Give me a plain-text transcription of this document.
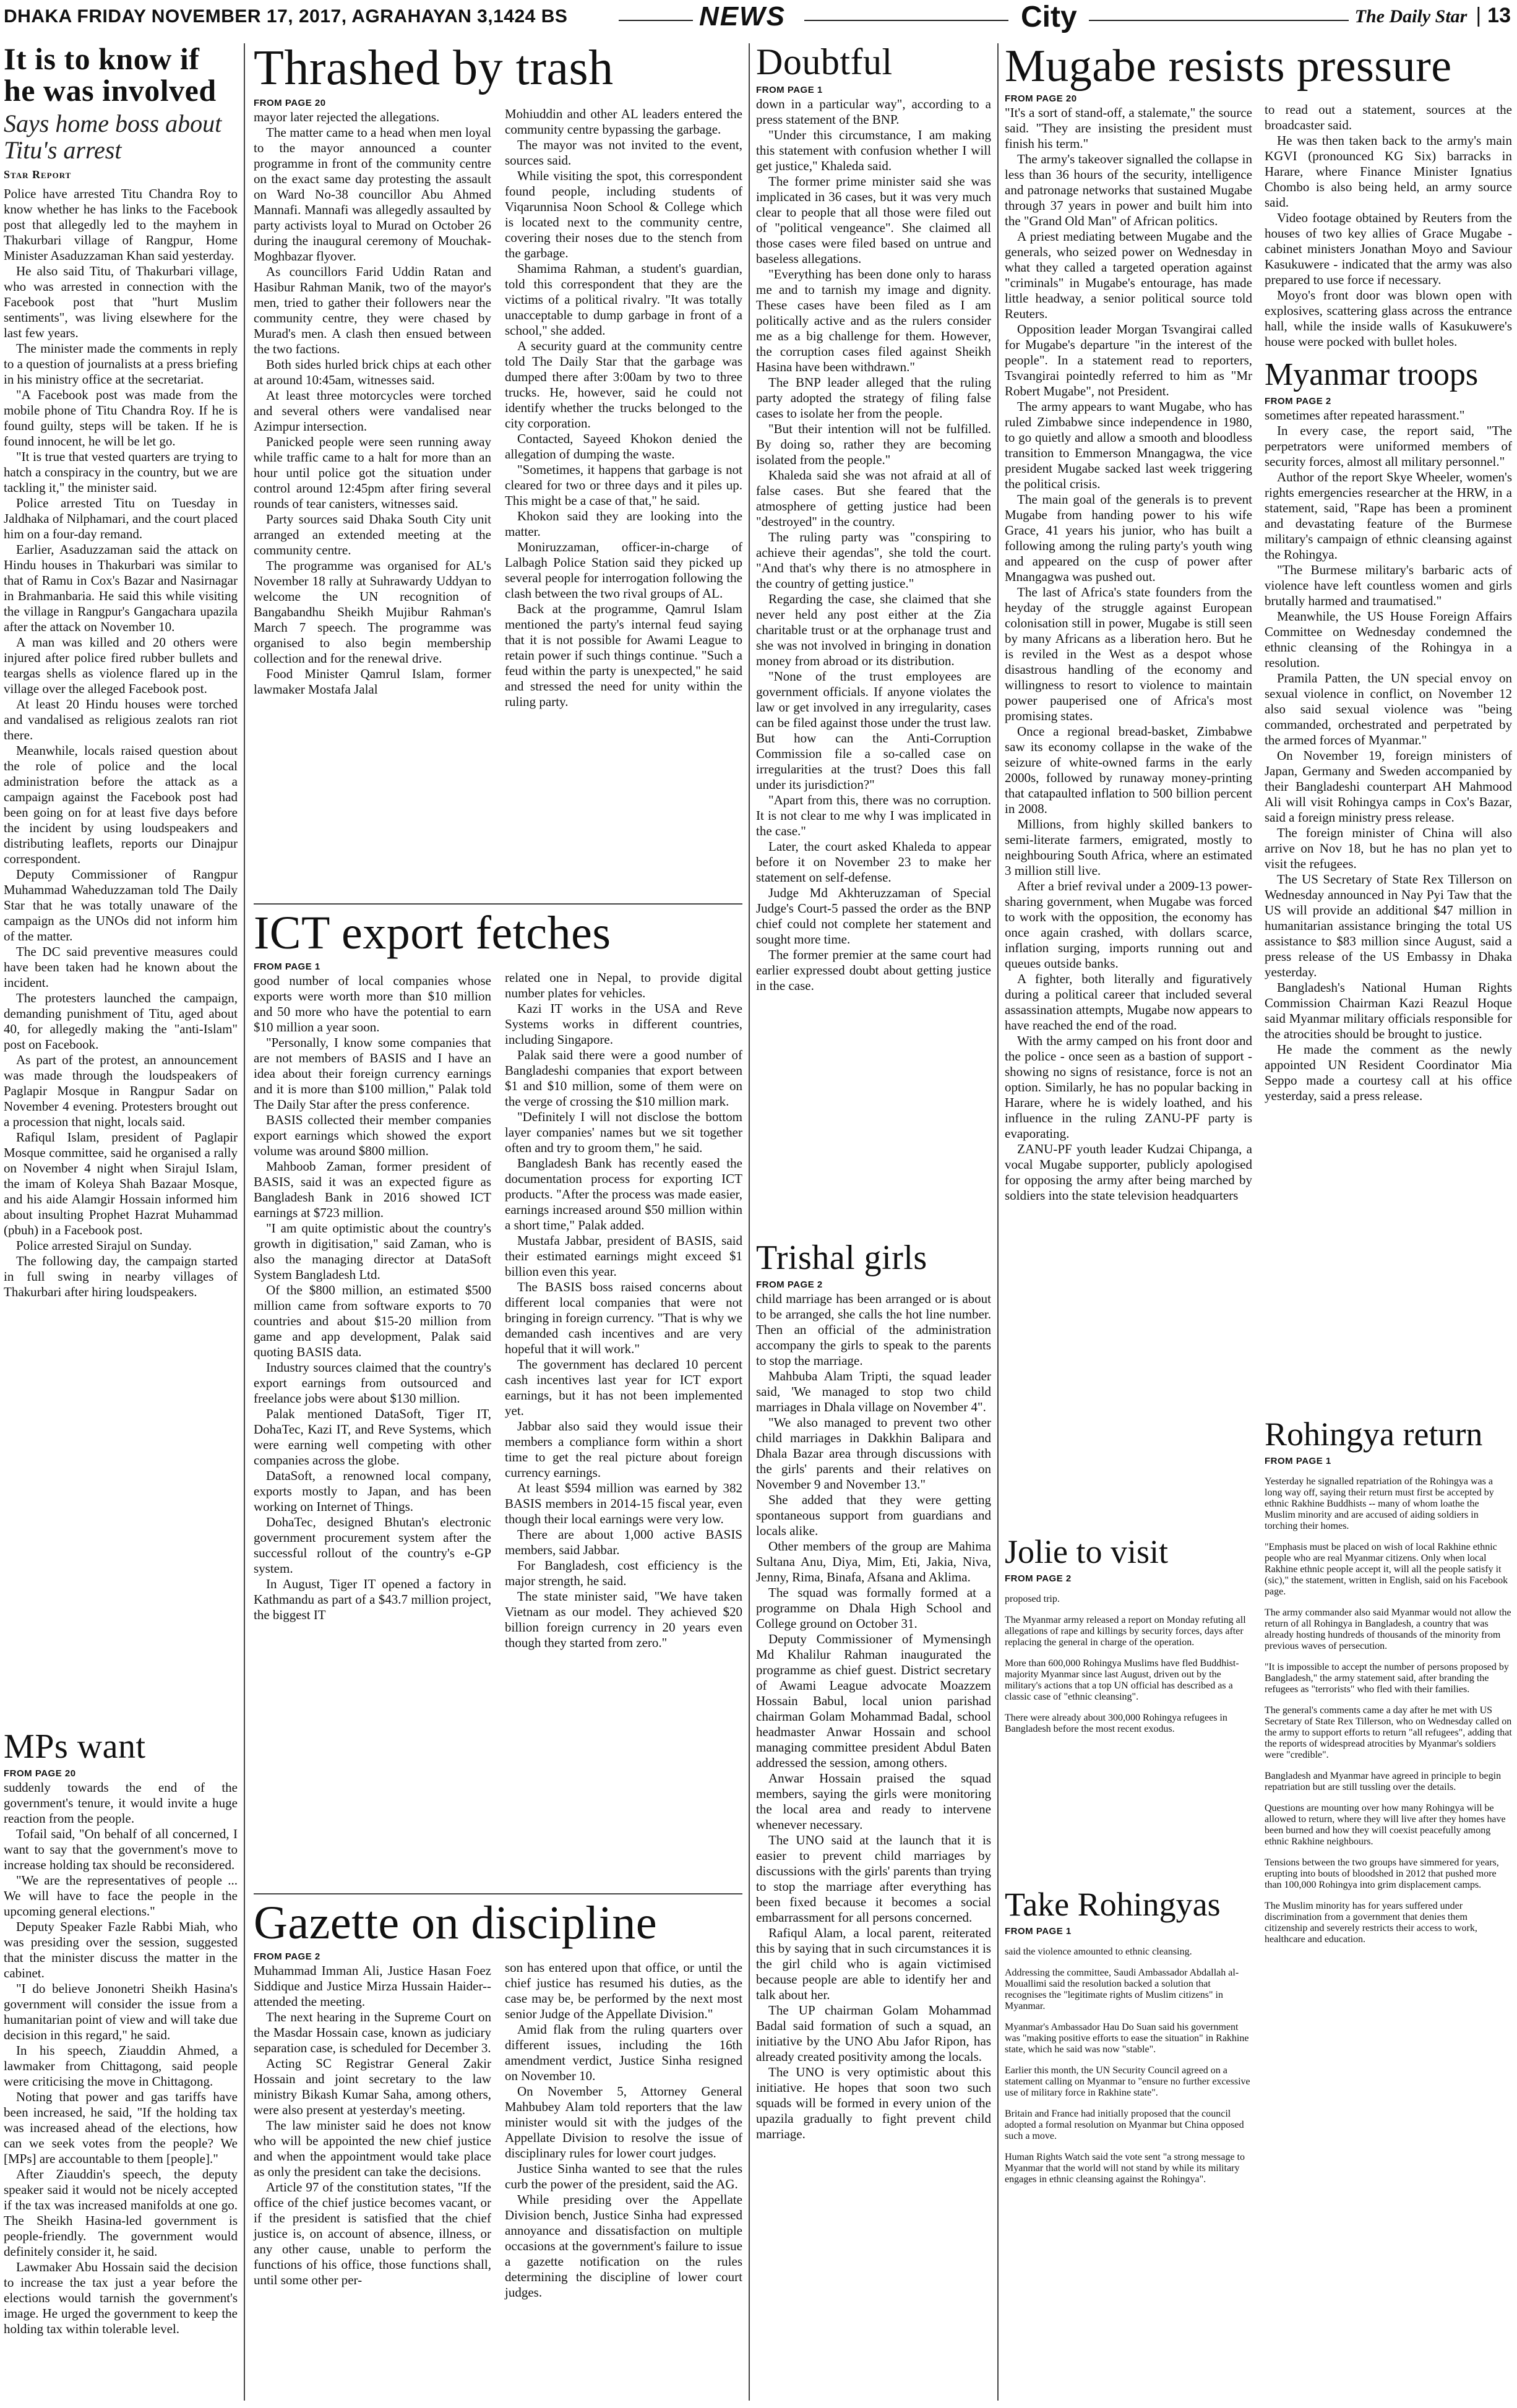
DHAKA FRIDAY NOVEMBER 17, 2017, AGRAHAYAN 3,1424 BS	NEWS	City	The Daily Star | 13
It is to know if he was involved
Says home boss about Titu's arrest
Star Report

Police have arrested Titu Chandra Roy to know whether he has links to the Facebook post that allegedly led to the mayhem in Thakurbari village of Rangpur, Home Minister Asaduzzaman Khan said yesterday.

He also said Titu, of Thakurbari village, who was arrested in connection with the Facebook post that "hurt Muslim sentiments", was living elsewhere for the last few years.

The minister made the comments in reply to a question of journalists at a press briefing in his ministry office at the secretariat.

"A Facebook post was made from the mobile phone of Titu Chandra Roy. If he is found guilty, steps will be taken. If he is found innocent, he will be let go.

"It is true that vested quarters are trying to hatch a conspiracy in the country, but we are tackling it," the minister said.

Police arrested Titu on Tuesday in Jaldhaka of Nilphamari, and the court placed him on a four-day remand.

Earlier, Asaduzzaman said the attack on Hindu houses in Thakurbari was similar to that of Ramu in Cox's Bazar and Nasirnagar in Brahmanbaria. He said this while visiting the village in Rangpur's Gangachara upazila after the attack on November 10.

A man was killed and 20 others were injured after police fired rubber bullets and teargas shells as violence flared up in the village over the alleged Facebook post.

At least 20 Hindu houses were torched and vandalised as religious zealots ran riot there.

Meanwhile, locals raised question about the role of police and the local administration before the attack as a campaign against the Facebook post had been going on for at least five days before the incident by using loudspeakers and distributing leaflets, reports our Dinajpur correspondent.

Deputy Commissioner of Rangpur Muhammad Waheduzzaman told The Daily Star that he was totally unaware of the campaign as the UNOs did not inform him of the matter.

The DC said preventive measures could have been taken had he known about the incident.

The protesters launched the campaign, demanding punishment of Titu, aged about 40, for allegedly making the "anti-Islam" post on Facebook.

As part of the protest, an announcement was made through the loudspeakers of Paglapir Mosque in Rangpur Sadar on November 4 evening. Protesters brought out a procession that night, locals said.

Rafiqul Islam, president of Paglapir Mosque committee, said he organised a rally on November 4 night when Sirajul Islam, the imam of Koleya Shah Bazaar Mosque, and his aide Alamgir Hossain informed him about insulting Prophet Hazrat Muhammad (pbuh) in a Facebook post.

Police arrested Sirajul on Sunday.

The following day, the campaign started in full swing in nearby villages of Thakurbari after hiring loudspeakers.

MPs want
FROM PAGE 20

suddenly towards the end of the government's tenure, it would invite a huge reaction from the people.

Tofail said, "On behalf of all concerned, I want to say that the government's move to increase holding tax should be reconsidered.

"We are the representatives of people ... We will have to face the people in the upcoming general elections."

Deputy Speaker Fazle Rabbi Miah, who was presiding over the session, suggested that the minister discuss the matter in the cabinet.

"I do believe Jononetri Sheikh Hasina's government will consider the issue from a humanitarian point of view and will take due decision in this regard," he said.

In his speech, Ziauddin Ahmed, a lawmaker from Chittagong, said people were criticising the move in Chittagong.

Noting that power and gas tariffs have been increased, he said, "If the holding tax was increased ahead of the elections, how can we seek votes from the people? We [MPs] are accountable to them [people]."

After Ziauddin's speech, the deputy speaker said it would not be nicely accepted if the tax was increased manifolds at one go. The Sheikh Hasina-led government is people-friendly. The government would definitely consider it, he said.

Lawmaker Abu Hossain said the decision to increase the tax just a year before the elections would tarnish the government's image. He urged the government to keep the holding tax within tolerable level.

Thrashed by trash
FROM PAGE 20

mayor later rejected the allegations.

The matter came to a head when men loyal to the mayor announced a counter programme in front of the community centre on the exact same day protesting the assault on Ward No-38 councillor Abu Ahmed Mannafi. Mannafi was allegedly assaulted by party activists loyal to Murad on October 26 during the inaugural ceremony of Mouchak-Moghbazar flyover.

As councillors Farid Uddin Ratan and Hasibur Rahman Manik, two of the mayor's men, tried to gather their followers near the community centre, they were chased by Murad's men. A clash then ensued between the two factions.

Both sides hurled brick chips at each other at around 10:45am, witnesses said.

At least three motorcycles were torched and several others were vandalised near Azimpur intersection.

Panicked people were seen running away while traffic came to a halt for more than an hour until police got the situation under control around 12:45pm after firing several rounds of tear canisters, witnesses said.

Party sources said Dhaka South City unit arranged an extended meeting at the community centre.

The programme was organised for AL's November 18 rally at Suhrawardy Uddyan to welcome the UN recognition of Bangabandhu Sheikh Mujibur Rahman's March 7 speech. The programme was organised to also begin membership collection and for the renewal drive.

Food Minister Qamrul Islam, former lawmaker Mostafa Jalal

Mohiuddin and other AL leaders entered the community centre bypassing the garbage.

The mayor was not invited to the event, sources said.

While visiting the spot, this correspondent found people, including students of Viqarunnisa Noon School & College which is located next to the community centre, covering their noses due to the stench from the garbage.

Shamima Rahman, a student's guardian, told this correspondent that they are the victims of a political rivalry. "It was totally unacceptable to dump garbage in front of a school," she added.

A security guard at the community centre told The Daily Star that the garbage was dumped there after 3:00am by two to three trucks. He, however, said he could not identify whether the trucks belonged to the city corporation.

Contacted, Sayeed Khokon denied the allegation of dumping the waste.

"Sometimes, it happens that garbage is not cleared for two or three days and it piles up. This might be a case of that," he said.

Khokon said they are looking into the matter.

Moniruzzaman, officer-in-charge of Lalbagh Police Station said they picked up several people for interrogation following the clash between the two rival groups of AL.

Back at the programme, Qamrul Islam mentioned the party's internal feud saying that it is not possible for Awami League to retain power if such things continue. "Such a feud within the party is unexpected," he said and stressed the need for unity within the ruling party.

ICT export fetches
FROM PAGE 1

good number of local companies whose exports were worth more than $10 million and 50 more who have the potential to earn $10 million a year soon.

"Personally, I know some companies that are not members of BASIS and I have an idea about their foreign currency earnings and it is more than $100 million," Palak told The Daily Star after the press conference.

BASIS collected their member companies export earnings which showed the export volume was around $800 million.

Mahboob Zaman, former president of BASIS, said it was an expected figure as Bangladesh Bank in 2016 showed ICT earnings at $723 million.

"I am quite optimistic about the country's growth in digitisation," said Zaman, who is also the managing director at DataSoft System Bangladesh Ltd.

Of the $800 million, an estimated $500 million came from software exports to 70 countries and about $15-20 million from game and app development, Palak said quoting BASIS data.

Industry sources claimed that the country's export earnings from outsourced and freelance jobs were about $130 million.

Palak mentioned DataSoft, Tiger IT, DohaTec, Kazi IT, and Reve Systems, which were earning well competing with other companies across the globe.

DataSoft, a renowned local company, exports mostly to Japan, and has been working on Internet of Things.

DohaTec, designed Bhutan's electronic government procurement system after the successful rollout of the country's e-GP system.

In August, Tiger IT opened a factory in Kathmandu as part of a $43.7 million project, the biggest IT

related one in Nepal, to provide digital number plates for vehicles.

Kazi IT works in the USA and Reve Systems works in different countries, including Singapore.

Palak said there were a good number of Bangladeshi companies that export between $1 and $10 million, some of them were on the verge of crossing the $10 million mark.

"Definitely I will not disclose the bottom layer companies' names but we sit together often and try to groom them," he said.

Bangladesh Bank has recently eased the documentation process for exporting ICT products. "After the process was made easier, earnings increased around $50 million within a short time," Palak added.

Mustafa Jabbar, president of BASIS, said their estimated earnings might exceed $1 billion even this year.

The BASIS boss raised concerns about different local companies that were not bringing in foreign currency. "That is why we demanded cash incentives and are very hopeful that it will work."

The government has declared 10 percent cash incentives last year for ICT export earnings, but it has not been implemented yet.

Jabbar also said they would issue their members a compliance form within a short time to get the real picture about foreign currency earnings.

At least $594 million was earned by 382 BASIS members in 2014-15 fiscal year, even though their local earnings were very low.

There are about 1,000 active BASIS members, said Jabbar.

For Bangladesh, cost efficiency is the major strength, he said.

The state minister said, "We have taken Vietnam as our model. They achieved $20 billion foreign currency in 20 years even though they started from zero."

Gazette on discipline
FROM PAGE 2

Muhammad Imman Ali, Justice Hasan Foez Siddique and Justice Mirza Hussain Haider--attended the meeting.

The next hearing in the Supreme Court on the Masdar Hossain case, known as judiciary separation case, is scheduled for December 3.

Acting SC Registrar General Zakir Hossain and joint secretary to the law ministry Bikash Kumar Saha, among others, were also present at yesterday's meeting.

The law minister said he does not know who will be appointed the new chief justice and when the appointment would take place as only the president can take the decisions.

Article 97 of the constitution states, "If the office of the chief justice becomes vacant, or if the president is satisfied that the chief justice is, on account of absence, illness, or any other cause, unable to perform the functions of his office, those functions shall, until some other per-

son has entered upon that office, or until the chief justice has resumed his duties, as the case may be, be performed by the next most senior Judge of the Appellate Division."

Amid flak from the ruling quarters over different issues, including the 16th amendment verdict, Justice Sinha resigned on November 10.

On November 5, Attorney General Mahbubey Alam told reporters that the law minister would sit with the judges of the Appellate Division to resolve the issue of disciplinary rules for lower court judges.

Justice Sinha wanted to see that the rules curb the power of the president, said the AG.

While presiding over the Appellate Division bench, Justice Sinha had expressed annoyance and dissatisfaction on multiple occasions at the government's failure to issue a gazette notification on the rules determining the discipline of lower court judges.

Doubtful
FROM PAGE 1

down in a particular way", according to a press statement of the BNP.

"Under this circumstance, I am making this statement with confusion whether I will get justice," Khaleda said.

The former prime minister said she was implicated in 36 cases, but it was very much clear to people that all those were filed out of "political vengeance". She claimed all those cases were filed based on untrue and baseless allegations.

"Everything has been done only to harass me and to tarnish my image and dignity. These cases have been filed as I am politically active and as the rulers consider me as a big challenge for them. However, the corruption cases filed against Sheikh Hasina have been withdrawn."

The BNP leader alleged that the ruling party adopted the strategy of filing false cases to isolate her from the people.

"But their intention will not be fulfilled. By doing so, rather they are becoming isolated from the people."

Khaleda said she was not afraid at all of false cases. But she feared that the atmosphere of getting justice had been "destroyed" in the country.

The ruling party was "conspiring to achieve their agendas", she told the court. "And that's why there is no atmosphere in the country of getting justice."

Regarding the case, she claimed that she never held any post either at the Zia charitable trust or at the orphanage trust and she was not involved in bringing in donation money from abroad or its distribution.

"None of the trust employees are government officials. If anyone violates the law or get involved in any irregularity, cases can be filed against those under the trust law. But how can the Anti-Corruption Commission file a so-called case on irregularities at the trust? Does this fall under its jurisdiction?"

"Apart from this, there was no corruption. It is not clear to me why I was implicated in the case."

Later, the court asked Khaleda to appear before it on November 23 to make her statement on self-defense.

Judge Md Akhteruzzaman of Special Judge's Court-5 passed the order as the BNP chief could not complete her statement and sought more time.

The former premier at the same court had earlier expressed doubt about getting justice in the case.

Trishal girls
FROM PAGE 2

child marriage has been arranged or is about to be arranged, she calls the hot line number. Then an official of the administration accompany the girls to speak to the parents to stop the marriage.

Mahbuba Alam Tripti, the squad leader said, 'We managed to stop two child marriages in Dhala village on November 4".

"We also managed to prevent two other child marriages in Dakkhin Balipara and Dhala Bazar area through discussions with the girls' parents and their relatives on November 9 and November 13."

She added that they were getting spontaneous support from guardians and locals alike.

Other members of the group are Mahima Sultana Anu, Diya, Mim, Eti, Jakia, Niva, Jenny, Rima, Binafa, Afsana and Aklima.

The squad was formally formed at a programme on Dhala High School and College ground on October 31.

Deputy Commissioner of Mymensingh Md Khalilur Rahman inaugurated the programme as chief guest. District secretary of Awami League advocate Moazzem Hossain Babul, local union parishad chairman Golam Mohammad Badal, school headmaster Anwar Hossain and school managing committee president Abdul Baten addressed the session, among others.

Anwar Hossain praised the squad members, saying the girls were monitoring the local area and ready to intervene whenever necessary.

The UNO said at the launch that it is easier to prevent child marriages by discussions with the girls' parents than trying to stop the marriage after everything has been fixed because it becomes a social embarrassment for all persons concerned.

Rafiqul Alam, a local parent, reiterated this by saying that in such circumstances it is the girl child who is again victimised because people are able to identify her and talk about her.

The UP chairman Golam Mohammad Badal said formation of such a squad, an initiative by the UNO Abu Jafor Ripon, has already created positivity among the locals.

The UNO is very optimistic about this initiative. He hopes that soon two such squads will be formed in every union of the upazila gradually to fight prevent child marriage.

Mugabe resists pressure
FROM PAGE 20

"It's a sort of stand-off, a stalemate," the source said. "They are insisting the president must finish his term."

The army's takeover signalled the collapse in less than 36 hours of the security, intelligence and patronage networks that sustained Mugabe through 37 years in power and built him into the "Grand Old Man" of African politics.

A priest mediating between Mugabe and the generals, who seized power on Wednesday in what they called a targeted operation against "criminals" in Mugabe's entourage, has made little headway, a senior political source told Reuters.

Opposition leader Morgan Tsvangirai called for Mugabe's departure "in the interest of the people". In a statement read to reporters, Tsvangirai pointedly referred to him as "Mr Robert Mugabe", not President.

The army appears to want Mugabe, who has ruled Zimbabwe since independence in 1980, to go quietly and allow a smooth and bloodless transition to Emmerson Mnangagwa, the vice president Mugabe sacked last week triggering the political crisis.

The main goal of the generals is to prevent Mugabe from handing power to his wife Grace, 41 years his junior, who has built a following among the ruling party's youth wing and appeared on the cusp of power after Mnangagwa was pushed out.

The last of Africa's state founders from the heyday of the struggle against European colonisation still in power, Mugabe is still seen by many Africans as a liberation hero. But he is reviled in the West as a despot whose disastrous handling of the economy and willingness to resort to violence to maintain power pauperised one of Africa's most promising states.

Once a regional bread-basket, Zimbabwe saw its economy collapse in the wake of the seizure of white-owned farms in the early 2000s, followed by runaway money-printing that catapaulted inflation to 500 billion percent in 2008.

Millions, from highly skilled bankers to semi-literate farmers, emigrated, mostly to neighbouring South Africa, where an estimated 3 million still live.

After a brief revival under a 2009-13 power-sharing government, when Mugabe was forced to work with the opposition, the economy has once again crashed, with dollars scarce, inflation surging, imports running out and queues outside banks.

A fighter, both literally and figuratively during a political career that included several assassination attempts, Mugabe now appears to have reached the end of the road.

With the army camped on his front door and the police - once seen as a bastion of support - showing no signs of resistance, force is not an option. Similarly, he has no popular backing in Harare, where he is widely loathed, and his influence in the ruling ZANU-PF party is evaporating.

ZANU-PF youth leader Kudzai Chipanga, a vocal Mugabe supporter, publicly apologised for opposing the army after being marched by soldiers into the state television headquarters

to read out a statement, sources at the broadcaster said.

He was then taken back to the army's main KGVI (pronounced KG Six) barracks in Harare, where Finance Minister Ignatius Chombo is also being held, an army source said.

Video footage obtained by Reuters from the houses of two key allies of Grace Mugabe - cabinet ministers Jonathan Moyo and Saviour Kasukuwere - indicated that the army was also prepared to use force if necessary.

Moyo's front door was blown open with explosives, scattering glass across the entrance hall, while the inside walls of Kasukuwere's house were pocked with bullet holes.

Myanmar troops
FROM PAGE 2

sometimes after repeated harassment."

In every case, the report said, "The perpetrators were uniformed members of security forces, almost all military personnel."

Author of the report Skye Wheeler, women's rights emergencies researcher at the HRW, in a statement, said, "Rape has been a prominent and devastating feature of the Burmese military's campaign of ethnic cleansing against the Rohingya.

"The Burmese military's barbaric acts of violence have left countless women and girls brutally harmed and traumatised."

Meanwhile, the US House Foreign Affairs Committee on Wednesday condemned the ethnic cleansing of the Rohingya in a resolution.

Pramila Patten, the UN special envoy on sexual violence in conflict, on November 12 also said sexual violence was "being commanded, orchestrated and perpetrated by the armed forces of Myanmar."

On November 19, foreign ministers of Japan, Germany and Sweden accompanied by their Bangladeshi counterpart AH Mahmood Ali will visit Rohingya camps in Cox's Bazar, said a foreign ministry press release.

The foreign minister of China will also arrive on Nov 18, but he has no plan yet to visit the refugees.

The US Secretary of State Rex Tillerson on Wednesday announced in Nay Pyi Taw that the US will provide an additional $47 million in humanitarian assistance bringing the total US assistance to $83 million since August, said a press release of the US Embassy in Dhaka yesterday.

Bangladesh's National Human Rights Commission Chairman Kazi Reazul Hoque said Myanmar military officials responsible for the atrocities should be brought to justice.

He made the comment as the newly appointed UN Resident Coordinator Mia Seppo made a courtesy call at his office yesterday, said a press release.

Jolie to visit
FROM PAGE 2

proposed trip.

The Myanmar army released a report on Monday refuting all allegations of rape and killings by security forces, days after replacing the general in charge of the operation.

More than 600,000 Rohingya Muslims have fled Buddhist-majority Myanmar since last August, driven out by the military's actions that a top UN official has described as a classic case of "ethnic cleansing".

There were already about 300,000 Rohingya refugees in Bangladesh before the most recent exodus.

Take Rohingyas
FROM PAGE 1

said the violence amounted to ethnic cleansing.

Addressing the committee, Saudi Ambassador Abdallah al-Mouallimi said the resolution backed a solution that recognises the "legitimate rights of Muslim citizens" in Myanmar.

Myanmar's Ambassador Hau Do Suan said his government was "making positive efforts to ease the situation" in Rakhine state, which he said was now "stable".

Earlier this month, the UN Security Council agreed on a statement calling on Myanmar to "ensure no further excessive use of military force in Rakhine state".

Britain and France had initially proposed that the council adopted a formal resolution on Myanmar but China opposed such a move.

Human Rights Watch said the vote sent "a strong message to Myanmar that the world will not stand by while its military engages in ethnic cleansing against the Rohingya".

Rohingya return
FROM PAGE 1

Yesterday he signalled repatriation of the Rohingya was a long way off, saying their return must first be accepted by ethnic Rakhine Buddhists -- many of whom loathe the Muslim minority and are accused of aiding soldiers in torching their homes.

"Emphasis must be placed on wish of local Rakhine ethnic people who are real Myanmar citizens. Only when local Rakhine ethnic people accept it, will all the people satisfy it (sic)," the statement, written in English, said on his Facebook page.

The army commander also said Myanmar would not allow the return of all Rohingya in Bangladesh, a country that was already hosting hundreds of thousands of the minority from previous waves of persecution.

"It is impossible to accept the number of persons proposed by Bangladesh," the army statement said, after branding the refugees as "terrorists" who fled with their families.

The general's comments came a day after he met with US Secretary of State Rex Tillerson, who on Wednesday called on the army to support efforts to return "all refugees", adding that the reports of widespread atrocities by Myanmar's soldiers were "credible".

Bangladesh and Myanmar have agreed in principle to begin repatriation but are still tussling over the details.

Questions are mounting over how many Rohingya will be allowed to return, where they will live after they homes have been burned and how they will coexist peacefully among ethnic Rakhine neighbours.

Tensions between the two groups have simmered for years, erupting into bouts of bloodshed in 2012 that pushed more than 100,000 Rohingya into grim displacement camps.

The Muslim minority has for years suffered under discrimination from a government that denies them citizenship and severely restricts their access to work, healthcare and education.
